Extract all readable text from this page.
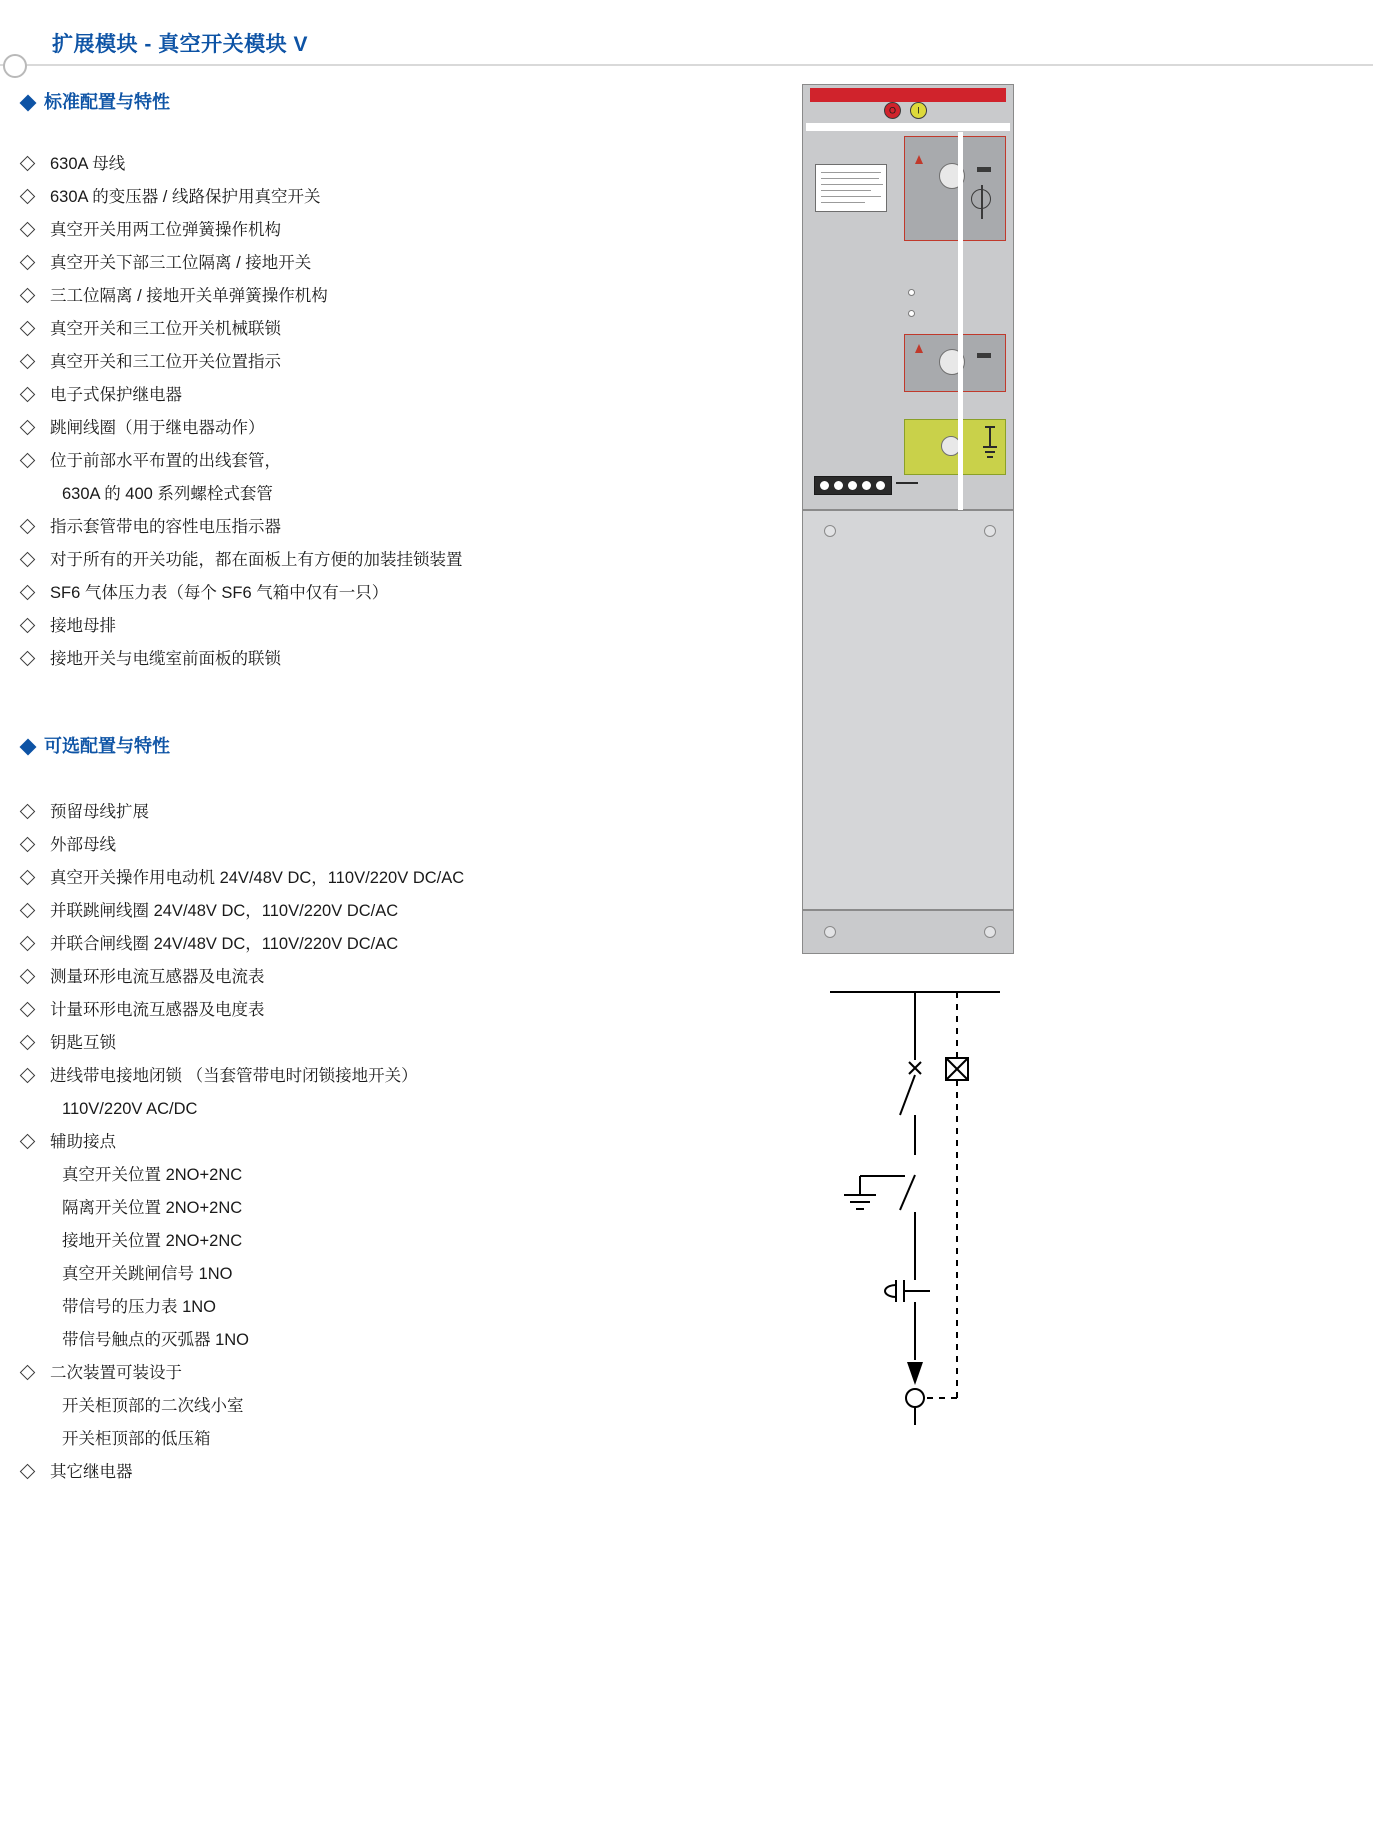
扩展模块 - 真空开关模块 V
标准配置与特性
630A 母线
630A 的变压器 / 线路保护用真空开关
真空开关用两工位弹簧操作机构
真空开关下部三工位隔离 / 接地开关
三工位隔离 / 接地开关单弹簧操作机构
真空开关和三工位开关机械联锁
真空开关和三工位开关位置指示
电子式保护继电器
跳闸线圈（用于继电器动作）
位于前部水平布置的出线套管，
630A 的 400 系列螺栓式套管
指示套管带电的容性电压指示器
对于所有的开关功能，都在面板上有方便的加装挂锁装置
SF6 气体压力表（每个 SF6 气箱中仅有一只）
接地母排
接地开关与电缆室前面板的联锁
可选配置与特性
预留母线扩展
外部母线
真空开关操作用电动机 24V/48V DC，110V/220V DC/AC
并联跳闸线圈 24V/48V DC，110V/220V DC/AC
并联合闸线圈 24V/48V DC，110V/220V DC/AC
测量环形电流互感器及电流表
计量环形电流互感器及电度表
钥匙互锁
进线带电接地闭锁 （当套管带电时闭锁接地开关）
110V/220V AC/DC
辅助接点
真空开关位置 2NO+2NC
隔离开关位置 2NO+2NC
接地开关位置 2NO+2NC
真空开关跳闸信号 1NO
带信号的压力表 1NO
带信号触点的灭弧器 1NO
二次装置可装设于
开关柜顶部的二次线小室
开关柜顶部的低压箱
其它继电器
O I
